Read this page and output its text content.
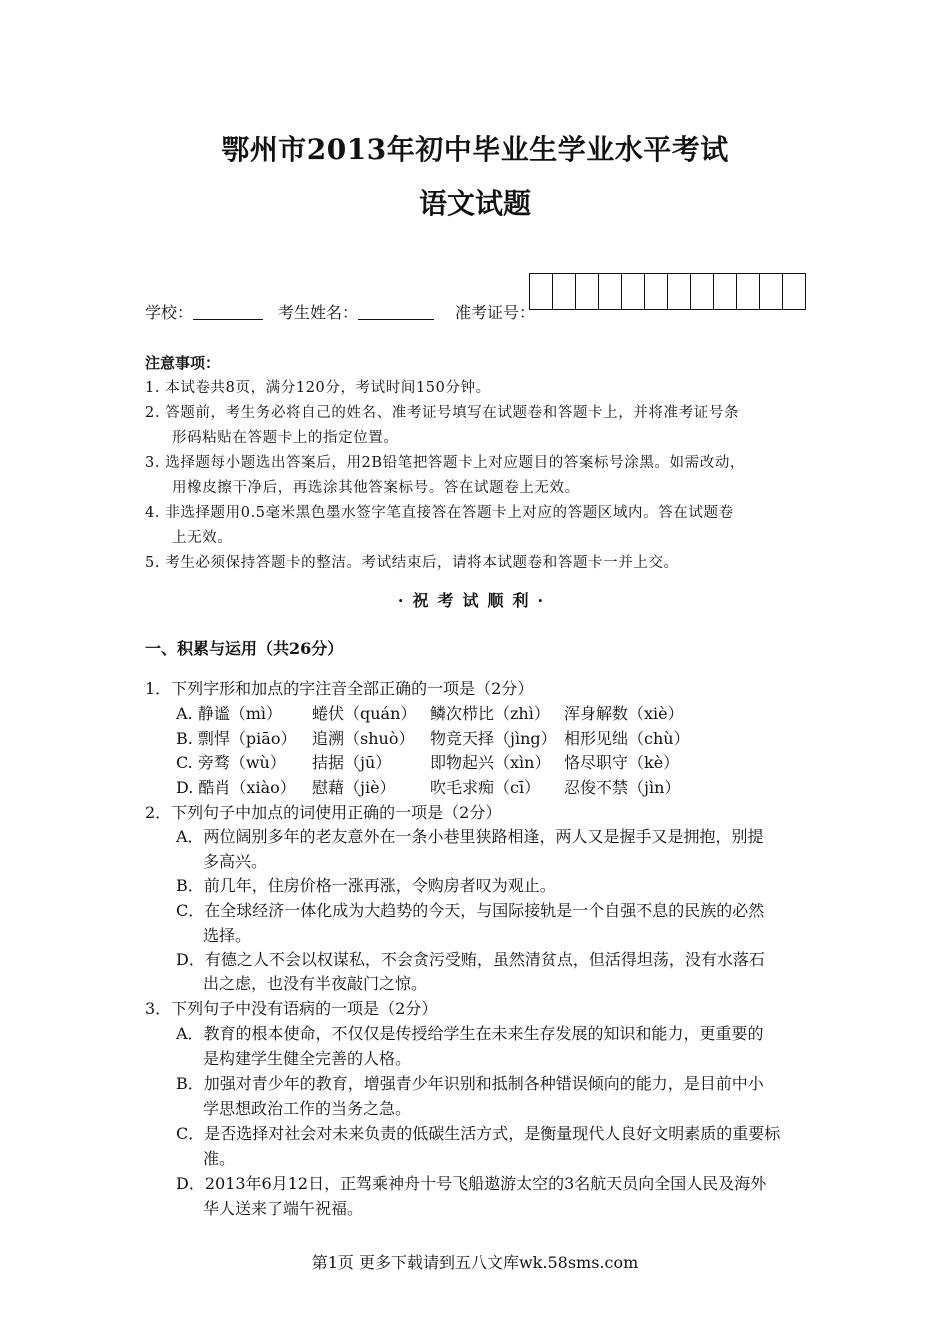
鄂州市2013年初中毕业生学业水平考试
语文试题
学校：	考生姓名：	准考证号：
注意事项：
1. 本试卷共8页，满分120分，考试时间150分钟。
2. 答题前，考生务必将自己的姓名、准考证号填写在试题卷和答题卡上，并将准考证号条
形码粘贴在答题卡上的指定位置。
3. 选择题每小题选出答案后，用2B铅笔把答题卡上对应题目的答案标号涂黑。如需改动，
用橡皮擦干净后，再选涂其他答案标号。答在试题卷上无效。
4. 非选择题用0.5毫米黑色墨水签字笔直接答在答题卡上对应的答题区域内。答在试题卷
上无效。
5. 考生必须保持答题卡的整洁。考试结束后，请将本试题卷和答题卡一并上交。
·祝考试顺利·
一、积累与运用（共26分）
1．下列字形和加点的字注音全部正确的一项是（2分）
A. 静谧（mì） 蜷伏（quán） 鳞次栉比（zhì） 浑身解数（xiè）
B. 剽悍（piāo） 追溯（shuò） 物竞天择（jìng） 相形见绌（chù）
C. 旁骛（wù） 拮据（jū） 即物起兴（xìn） 恪尽职守（kè）
D. 酷肖（xiào） 慰藉（jiè） 吹毛求痴（cī） 忍俊不禁（jìn）
2．下列句子中加点的词使用正确的一项是（2分）
A．两位阔别多年的老友意外在一条小巷里狭路相逢，两人又是握手又是拥抱，别提
多高兴。
B．前几年，住房价格一涨再涨，令购房者叹为观止。
C．在全球经济一体化成为大趋势的今天，与国际接轨是一个自强不息的民族的必然
选择。
D．有德之人不会以权谋私，不会贪污受贿，虽然清贫点，但活得坦荡，没有水落石
出之虑，也没有半夜敲门之惊。
3．下列句子中没有语病的一项是（2分）
A．教育的根本使命，不仅仅是传授给学生在未来生存发展的知识和能力，更重要的
是构建学生健全完善的人格。
B．加强对青少年的教育，增强青少年识别和抵制各种错误倾向的能力，是目前中小
学思想政治工作的当务之急。
C．是否选择对社会对未来负责的低碳生活方式，是衡量现代人良好文明素质的重要标
准。
D．2013年6月12日，正驾乘神舟十号飞船遨游太空的3名航天员向全国人民及海外
华人送来了端午祝福。
第1页 更多下载请到五八文库wk.58sms.com
